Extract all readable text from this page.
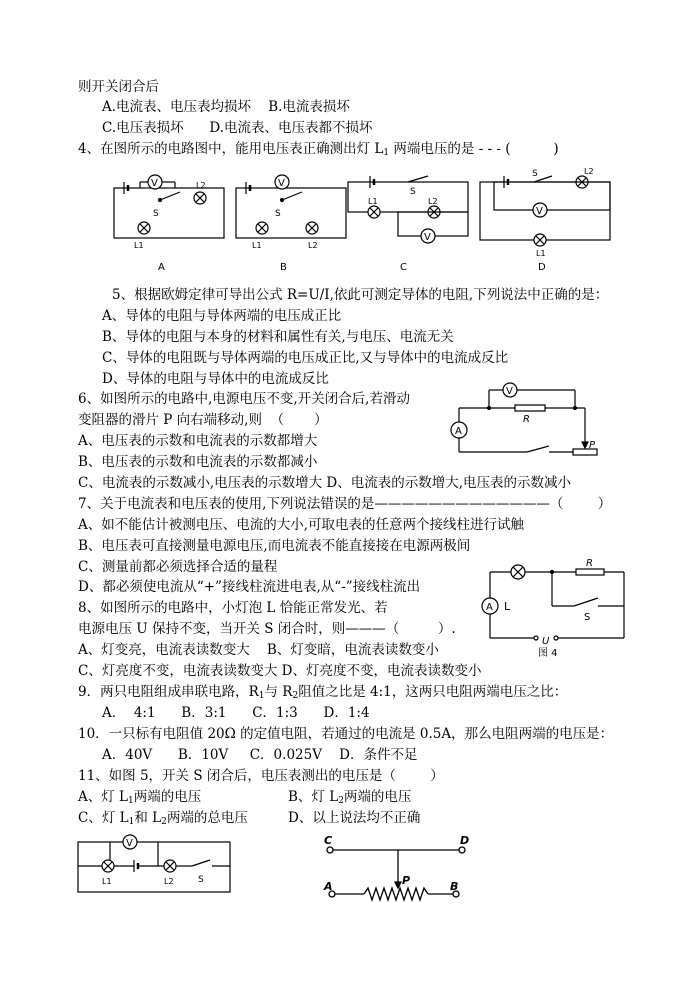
则开关闭合后
A.电流表、电压表均损坏    B.电流表损坏
C.电压表损坏      D.电流表、电压表都不损坏
4、在图所示的电路图中，能用电压表正确测出灯 $L_1$ 两端电压的是 - - - (          )
V
S
L2
L1
A
V
S
L1	L2
B
S
L1	L2
V
C
S	L2
V
L1
D
5、根据欧姆定律可导出公式 R=U/I,依此可测定导体的电阻,下列说法中正确的是：
A、导体的电阻与导体两端的电压成正比
B、导体的电阻与本身的材料和属性有关,与电压、电流无关
C、导体的电阻既与导体两端的电压成正比,又与导体中的电流成反比
D、导体的电阻与导体中的电流成反比
6、如图所示的电路中,电源电压不变,开关闭合后,若滑动
变阻器的滑片 P 向右端移动,则  （       ）
A、电压表的示数和电流表的示数都增大
B、电压表的示数和电流表的示数都减小
C、电流表的示数减小,电压表的示数增大 D、电流表的示数增大,电压表的示数减小
V
R
A
P
7、关于电流表和电压表的使用,下列说法错误的是—————————————（        ）
A、如不能估计被测电压、电流的大小,可取电表的任意两个接线柱进行试触
B、电压表可直接测量电源电压,而电流表不能直接接在电源两极间
C、测量前都必须选择合适的量程
D、都必须使电流从“+”接线柱流进电表,从“-”接线柱流出
R
S
A L
U
图 4
8、如图所示的电路中，小灯泡 L 恰能正常发光、若
电源电压 U 保持不变，当开关 S 闭合时，则———（         ）.
A、灯变亮，电流表读数变大    B、灯变暗，电流表读数变小
C、灯亮度不变，电流表读数变大 D、灯亮度不变，电流表读数变小
9．两只电阻组成串联电路，$R_1$与 $R_2$阻值之比是 4:1，这两只电阻两端电压之比：
A．  4:1      B．3:1      C．1:3      D．1:4
10．一只标有电阻值 20Ω 的定值电阻，若通过的电流是 0.5A，那么电阻两端的电压是：
A．40V      B．10V     C．0.025V    D．条件不足
11、如图 5，开关 S 闭合后，电压表测出的电压是（        ）
A、灯 $L_1$两端的电压	B、灯 $L_2$两端的电压
C、灯 $L_1$和 $L_2$两端的总电压	D、以上说法均不正确
V
L1	L2	S
C	D
P
A	B
